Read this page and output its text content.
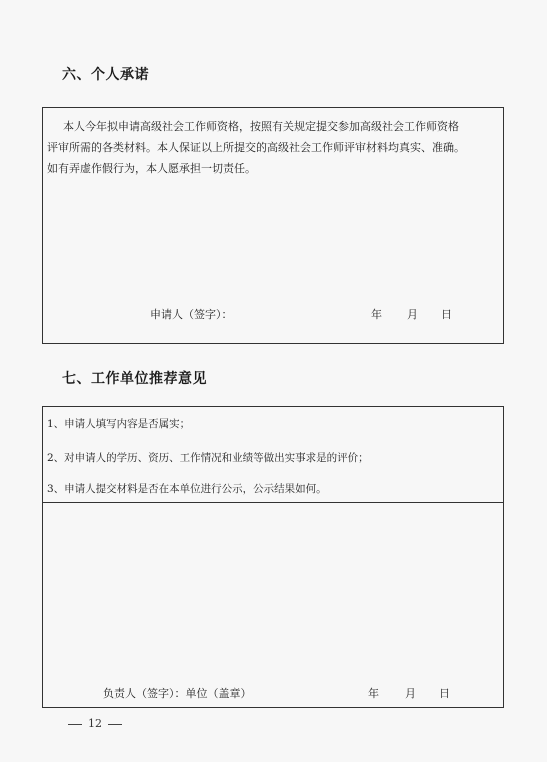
六、个人承诺
本人今年拟申请高级社会工作师资格，按照有关规定提交参加高级社会工作师资格
评审所需的各类材料。本人保证以上所提交的高级社会工作师评审材料均真实、准确。
如有弄虚作假行为，本人愿承担一切责任。
申请人（签字）：	年 月 日
七、工作单位推荐意见
1、申请人填写内容是否属实；
2、对申请人的学历、资历、工作情况和业绩等做出实事求是的评价；
3、申请人提交材料是否在本单位进行公示，公示结果如何。
负责人（签字）：单位（盖章）	年 月 日
12
